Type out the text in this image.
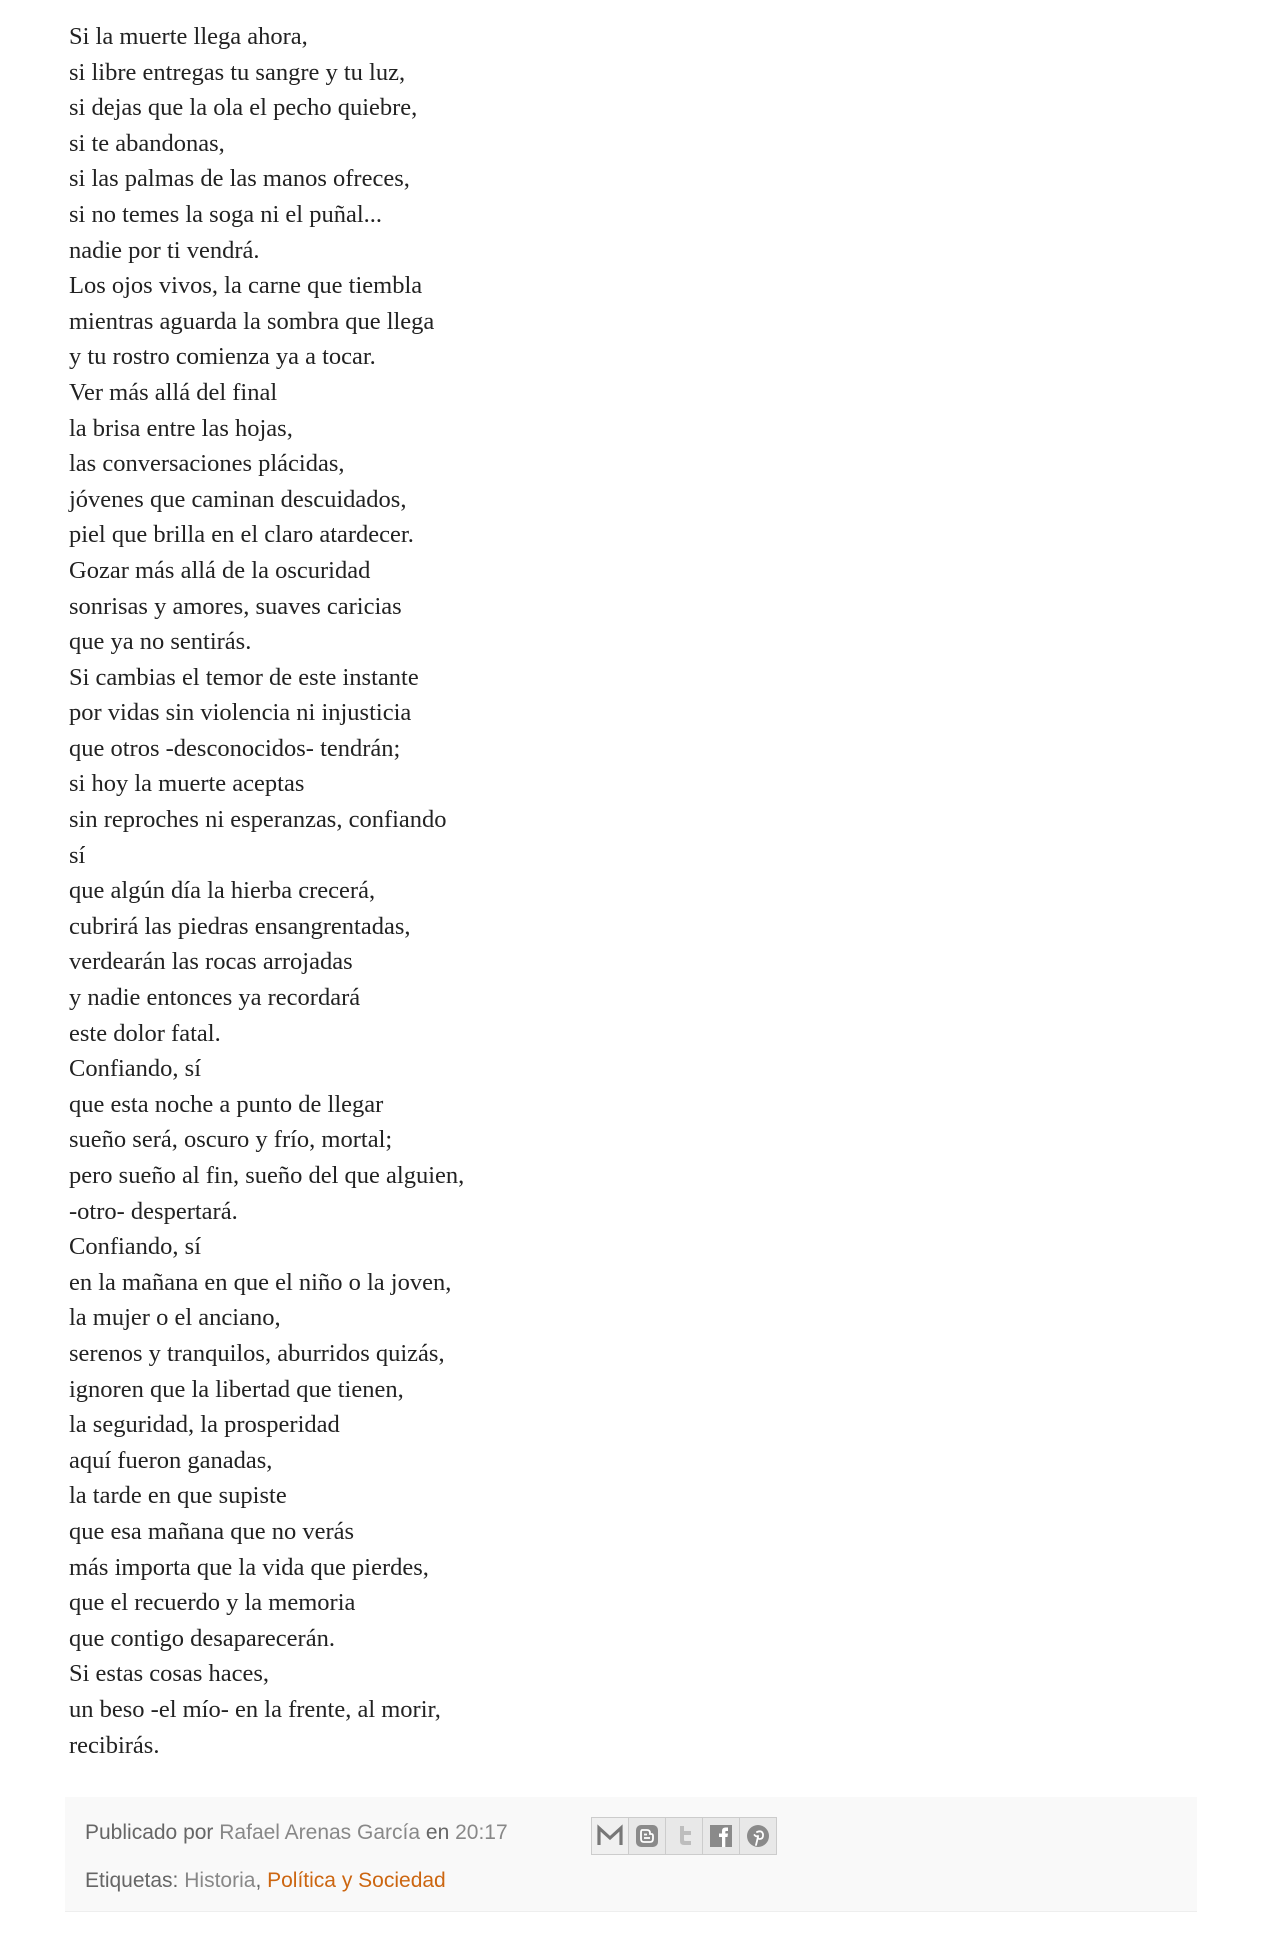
Si la muerte llega ahora,
si libre entregas tu sangre y tu luz,
si dejas que la ola el pecho quiebre,
si te abandonas,
si las palmas de las manos ofreces,
si no temes la soga ni el puñal...
nadie por ti vendrá.
Los ojos vivos, la carne que tiembla
mientras aguarda la sombra que llega
y tu rostro comienza ya a tocar.
Ver más allá del final
la brisa entre las hojas,
las conversaciones plácidas,
jóvenes que caminan descuidados,
piel que brilla en el claro atardecer.
Gozar más allá de la oscuridad
sonrisas y amores, suaves caricias
que ya no sentirás.
Si cambias el temor de este instante
por vidas sin violencia ni injusticia
que otros -desconocidos- tendrán;
si hoy la muerte aceptas
sin reproches ni esperanzas, confiando
sí
que algún día la hierba crecerá,
cubrirá las piedras ensangrentadas,
verdearán las rocas arrojadas
y nadie entonces ya recordará
este dolor fatal.
Confiando, sí
que esta noche a punto de llegar
sueño será, oscuro y frío, mortal;
pero sueño al fin, sueño del que alguien,
-otro- despertará.
Confiando, sí
en la mañana en que el niño o la joven,
la mujer o el anciano,
serenos y tranquilos, aburridos quizás,
ignoren que la libertad que tienen,
la seguridad, la prosperidad
aquí fueron ganadas,
la tarde en que supiste
que esa mañana que no verás
más importa que la vida que pierdes,
que el recuerdo y la memoria
que contigo desaparecerán.
Si estas cosas haces,
un beso -el mío- en la frente, al morir,
recibirás.
Publicado por Rafael Arenas García en 20:17
Etiquetas: Historia, Política y Sociedad
